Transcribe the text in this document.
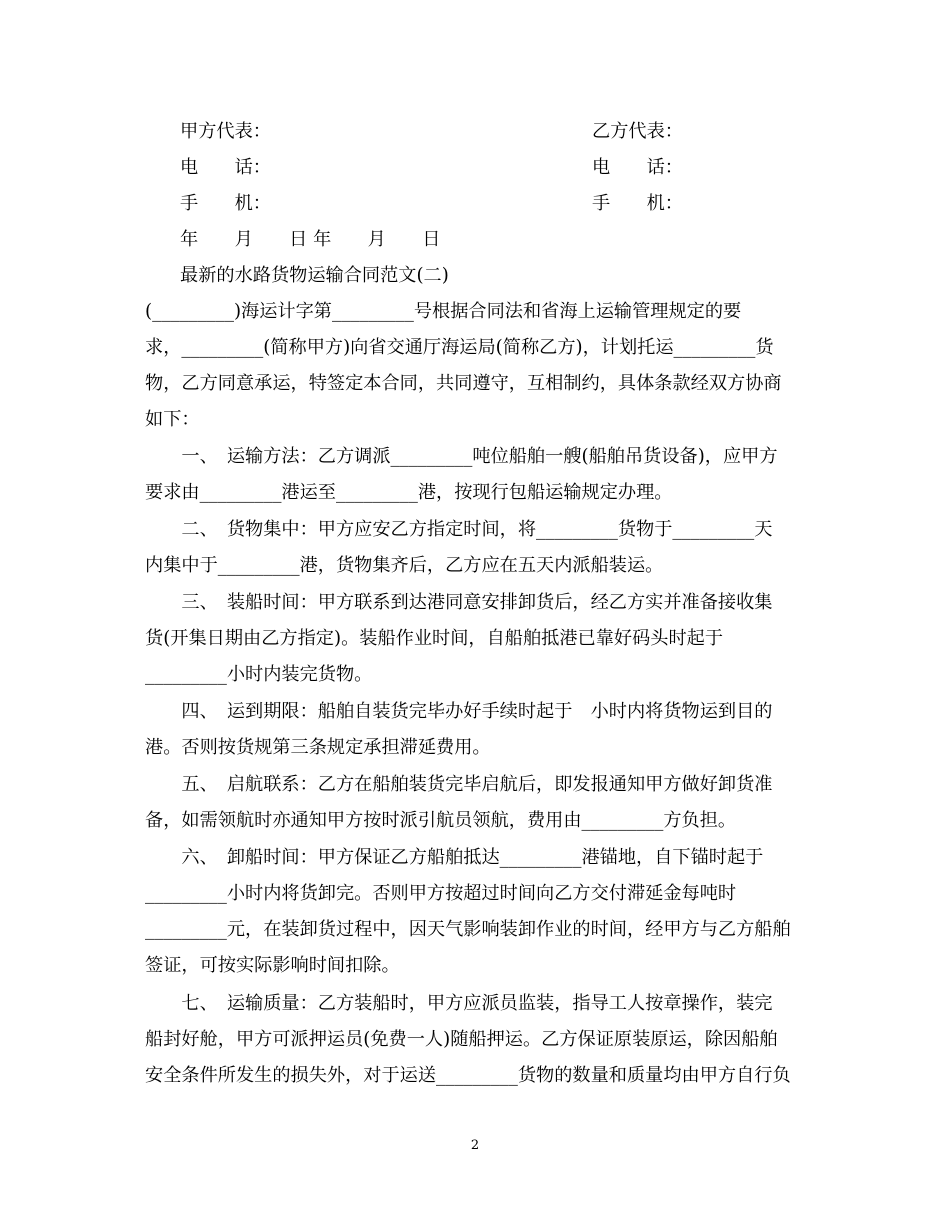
甲方代表：	乙方代表：
电　　话：	电　　话：
手　　机：	手　　机：
年　　月　　日 年　　月　　日
最新的水路货物运输合同范文(二)
(_________)海运计字第_________号根据合同法和省海上运输管理规定的要
求，_________(简称甲方)向省交通厅海运局(简称乙方)，计划托运_________货
物，乙方同意承运，特签定本合同，共同遵守，互相制约，具体条款经双方协商
如下：
　　一、　运输方法：乙方调派_________吨位船舶一艘(船舶吊货设备)，应甲方
要求由_________港运至_________港，按现行包船运输规定办理。
　　二、　货物集中：甲方应安乙方指定时间，将_________货物于_________天
内集中于_________港，货物集齐后，乙方应在五天内派船装运。
　　三、　装船时间：甲方联系到达港同意安排卸货后，经乙方实并准备接收集
货(开集日期由乙方指定)。装船作业时间，自船舶抵港已靠好码头时起于
_________小时内装完货物。
　　四、　运到期限：船舶自装货完毕办好手续时起于　小时内将货物运到目的
港。否则按货规第三条规定承担滞延费用。
　　五、　启航联系：乙方在船舶装货完毕启航后，即发报通知甲方做好卸货准
备，如需领航时亦通知甲方按时派引航员领航，费用由_________方负担。
　　六、　卸船时间：甲方保证乙方船舶抵达_________港锚地，自下锚时起于
_________小时内将货卸完。否则甲方按超过时间向乙方交付滞延金每吨时
_________元，在装卸货过程中，因天气影响装卸作业的时间，经甲方与乙方船舶
签证，可按实际影响时间扣除。
　　七、　运输质量：乙方装船时，甲方应派员监装，指导工人按章操作，装完
船封好舱，甲方可派押运员(免费一人)随船押运。乙方保证原装原运，除因船舶
安全条件所发生的损失外，对于运送_________货物的数量和质量均由甲方自行负
2
